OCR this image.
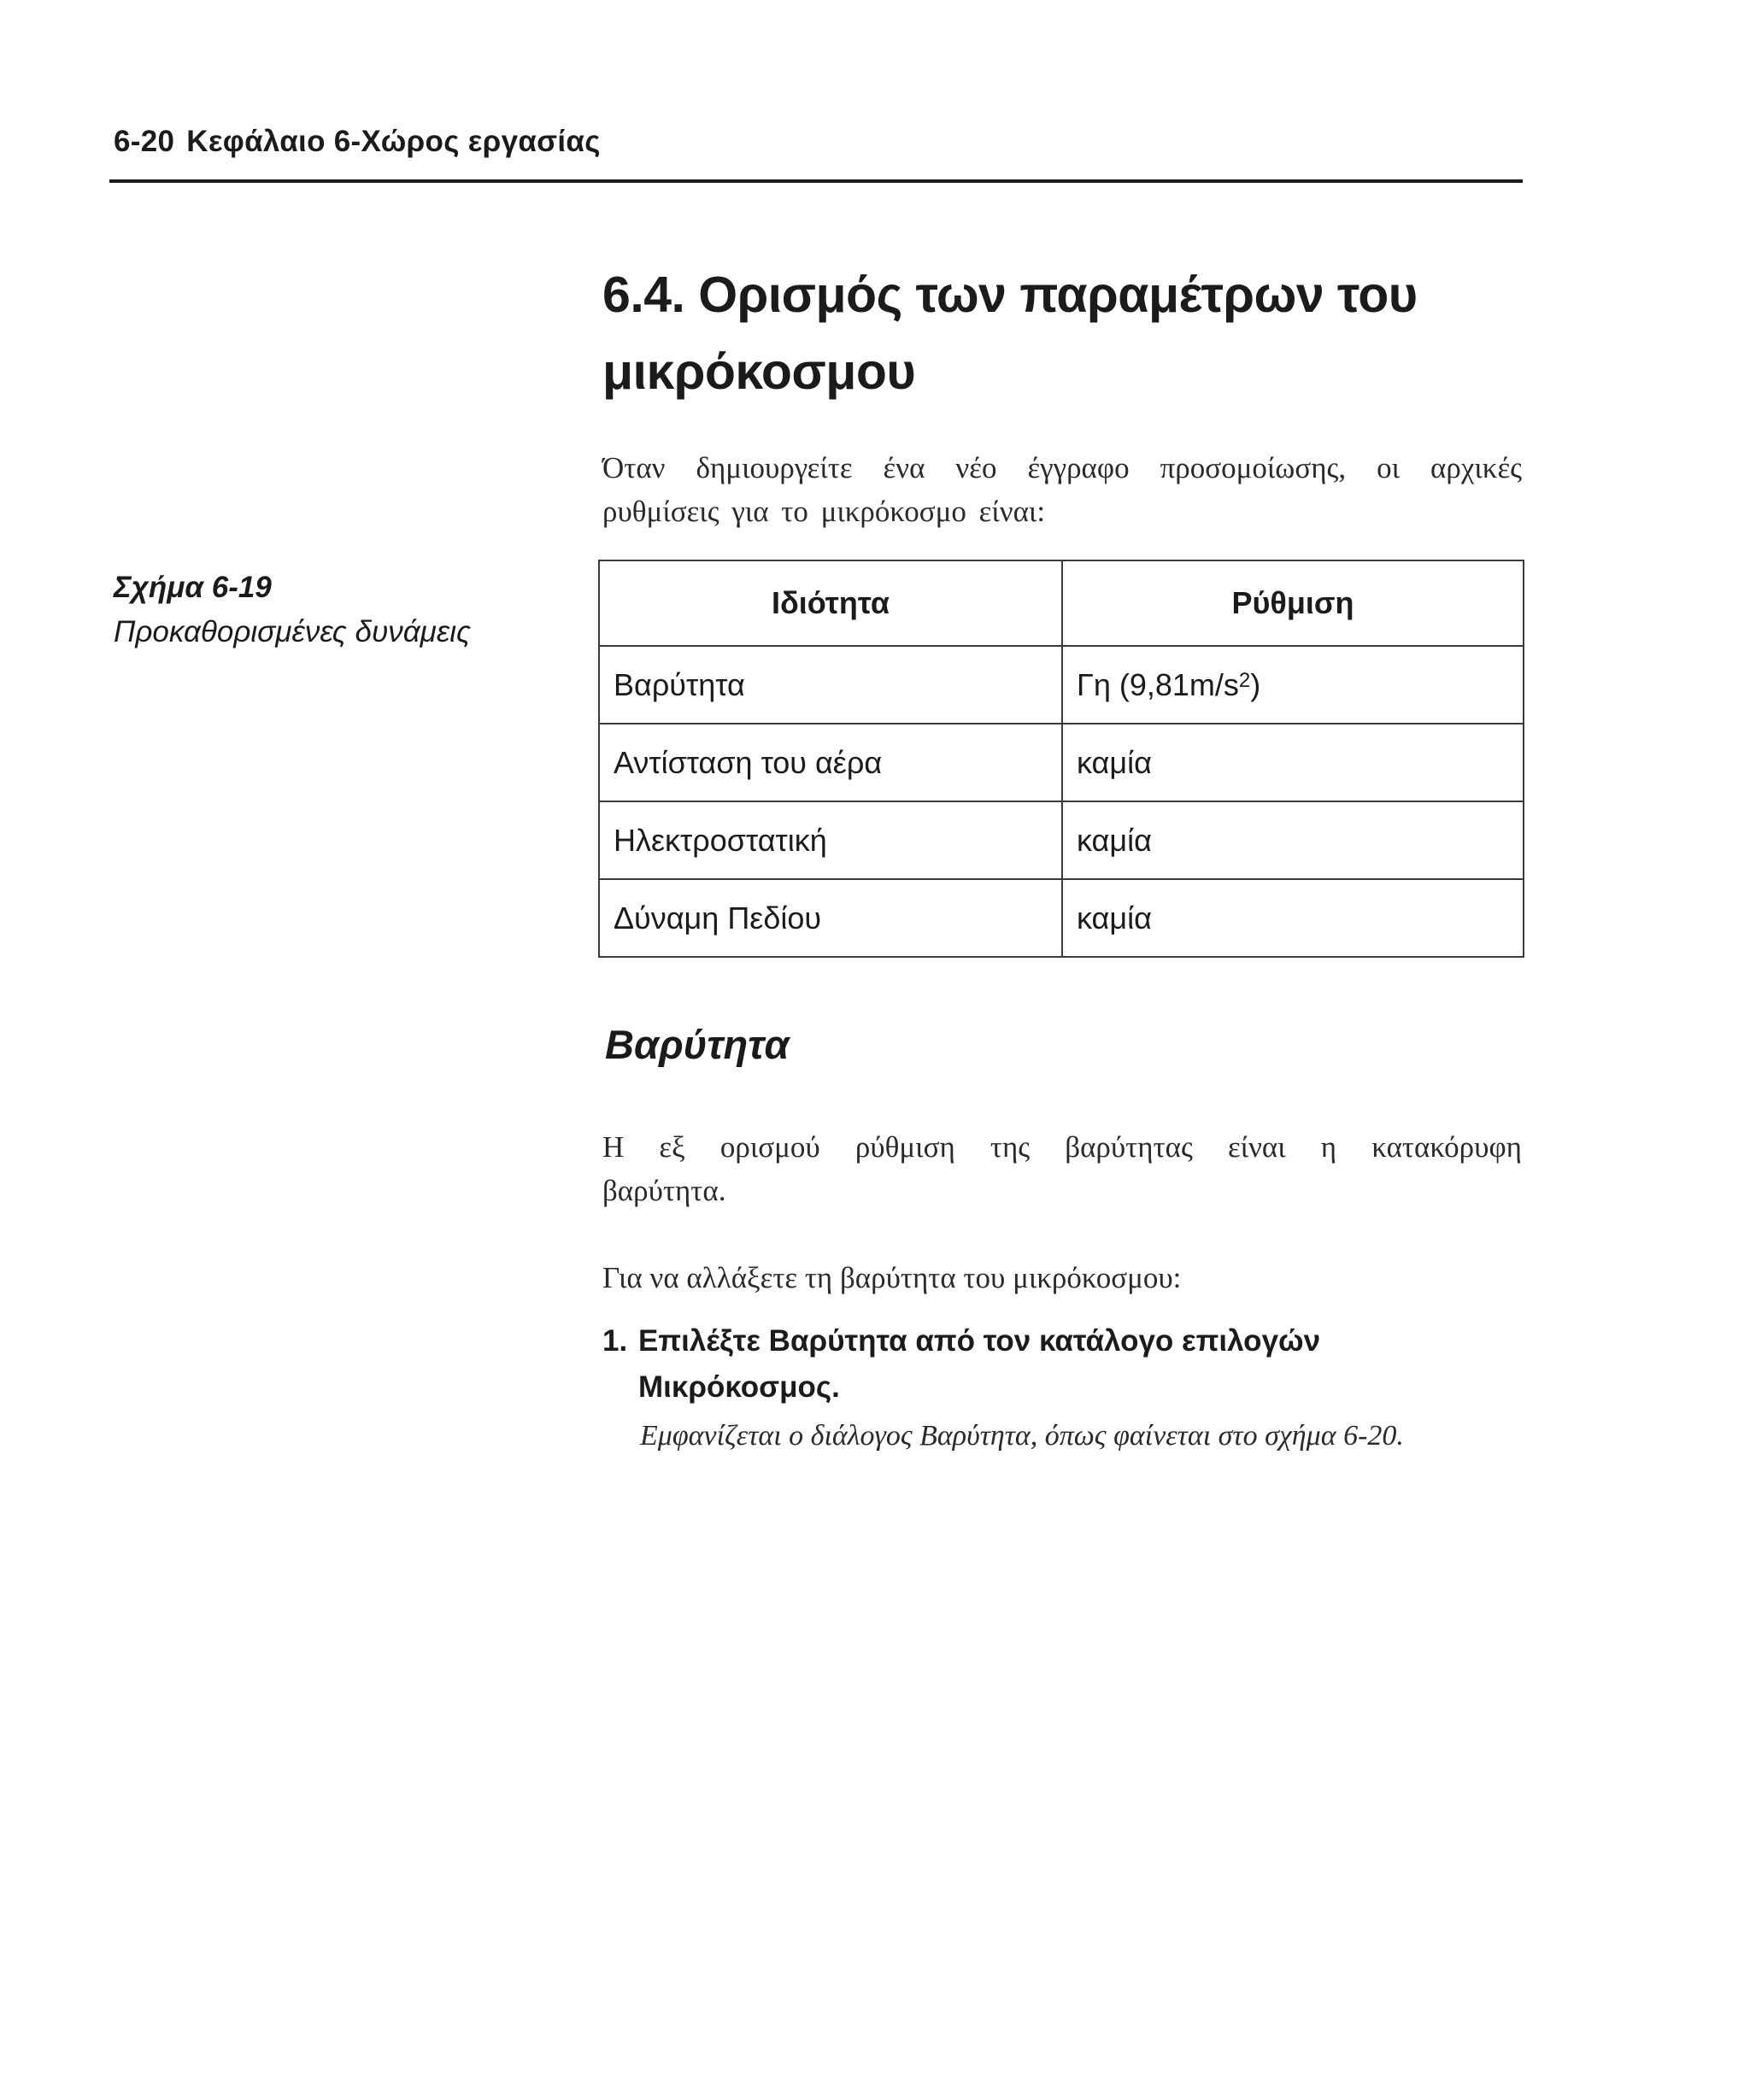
6-20 Κεφάλαιο 6-Χώρος εργασίας
6.4. Ορισμός των παραμέτρων του μικρόκοσμου

Όταν δημιουργείτε ένα νέο έγγραφο προσομοίωσης, οι αρχικές ρυθμίσεις για το μικρόκοσμο είναι:

Σχήμα 6-19
Προκαθορισμένες δυνάμεις
Ιδιότητα	Ρύθμιση
Βαρύτητα	Γη $(9,81m/s^2)$
Αντίσταση του αέρα	καμία
Ηλεκτροστατική	καμία
Δύναμη Πεδίου	καμία
Βαρύτητα

Η εξ ορισμού ρύθμιση της βαρύτητας είναι η κατακόρυφη βαρύτητα.

Για να αλλάξετε τη βαρύτητα του μικρόκοσμου:

1. Επιλέξτε Βαρύτητα από τον κατάλογο επιλογών Μικρόκοσμος.
Εμφανίζεται ο διάλογος Βαρύτητα, όπως φαίνεται στο σχήμα 6-20.
